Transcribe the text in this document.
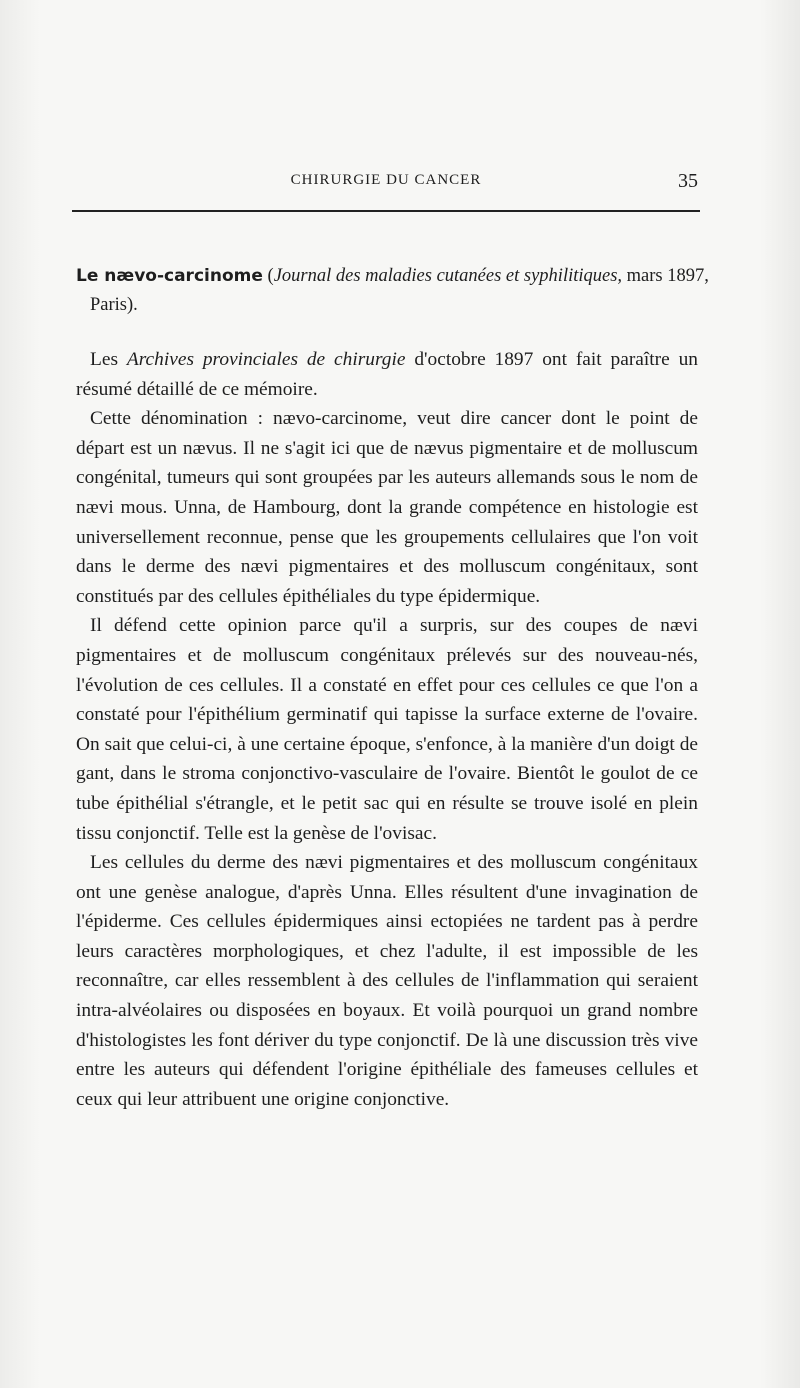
CHIRURGIE DU CANCER	35
Le nævo-carcinome (Journal des maladies cutanées et syphilitiques, mars 1897, Paris).

Les Archives provinciales de chirurgie d'octobre 1897 ont fait paraître un résumé détaillé de ce mémoire.

Cette dénomination : nævo-carcinome, veut dire cancer dont le point de départ est un nævus. Il ne s'agit ici que de nævus pigmentaire et de molluscum congénital, tumeurs qui sont groupées par les auteurs allemands sous le nom de nævi mous. Unna, de Hambourg, dont la grande compétence en histologie est universellement reconnue, pense que les groupements cellulaires que l'on voit dans le derme des nævi pigmentaires et des molluscum congénitaux, sont constitués par des cellules épithéliales du type épidermique.

Il défend cette opinion parce qu'il a surpris, sur des coupes de nævi pigmentaires et de molluscum congénitaux prélevés sur des nouveau-nés, l'évolution de ces cellules. Il a constaté en effet pour ces cellules ce que l'on a constaté pour l'épithélium germinatif qui tapisse la surface externe de l'ovaire. On sait que celui-ci, à une certaine époque, s'enfonce, à la manière d'un doigt de gant, dans le stroma conjonctivo-vasculaire de l'ovaire. Bientôt le goulot de ce tube épithélial s'étrangle, et le petit sac qui en résulte se trouve isolé en plein tissu conjonctif. Telle est la genèse de l'ovisac.

Les cellules du derme des nævi pigmentaires et des molluscum congénitaux ont une genèse analogue, d'après Unna. Elles résultent d'une invagination de l'épiderme. Ces cellules épidermiques ainsi ectopiées ne tardent pas à perdre leurs caractères morphologiques, et chez l'adulte, il est impossible de les reconnaître, car elles ressemblent à des cellules de l'inflammation qui seraient intra-alvéolaires ou disposées en boyaux. Et voilà pourquoi un grand nombre d'histologistes les font dériver du type conjonctif. De là une discussion très vive entre les auteurs qui défendent l'origine épithéliale des fameuses cellules et ceux qui leur attribuent une origine conjonctive.
